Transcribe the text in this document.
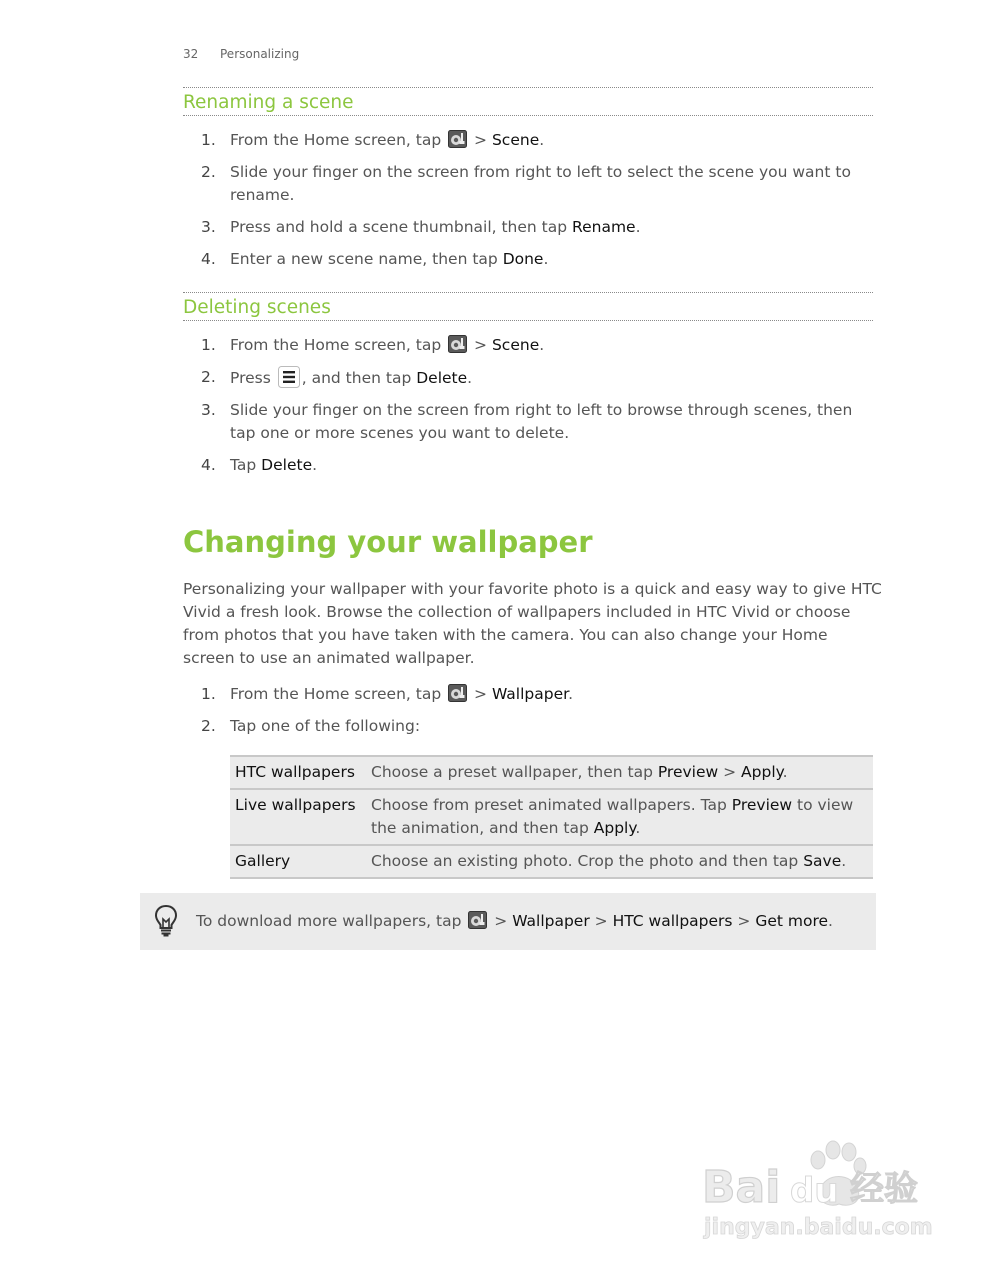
32 Personalizing
Renaming a scene
1. From the Home screen, tap  > Scene.
2. Slide your finger on the screen from right to left to select the scene you want to rename.
3. Press and hold a scene thumbnail, then tap Rename.
4. Enter a new scene name, then tap Done.
Deleting scenes
1. From the Home screen, tap  > Scene.
2. Press , and then tap Delete.
3. Slide your finger on the screen from right to left to browse through scenes, then tap one or more scenes you want to delete.
4. Tap Delete.
Changing your wallpaper

Personalizing your wallpaper with your favorite photo is a quick and easy way to give HTC Vivid a fresh look. Browse the collection of wallpapers included in HTC Vivid or choose from photos that you have taken with the camera. You can also change your Home screen to use an animated wallpaper.

1. From the Home screen, tap  > Wallpaper.
2. Tap one of the following:
HTC wallpapers	Choose a preset wallpaper, then tap Preview > Apply.
Live wallpapers	Choose from preset animated wallpapers. Tap Preview to view the animation, and then tap Apply.
Gallery	Choose an existing photo. Crop the photo and then tap Save.
To download more wallpapers, tap  > Wallpaper > HTC wallpapers > Get more.
Bai du 经验
jingyan.baidu.com
